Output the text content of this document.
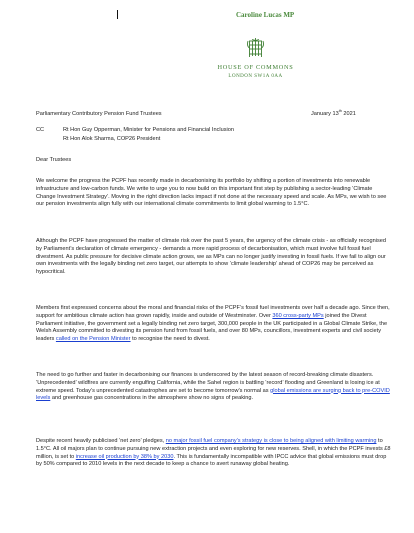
Caroline Lucas MP
HOUSE OF COMMONS
LONDON SW1A 0AA
Parliamentary Contributory Pension Fund Trustees	January 13th 2021
CC	Rt Hon Guy Opperman, Minister for Pensions and Financial Inclusion
Rt Hon Alok Sharma, COP26 President
Dear Trustees
We welcome the progress the PCPF has recently made in decarbonising its portfolio by shifting a portion of investments into renewable infrastructure and low-carbon funds. We write to urge you to now build on this important first step by publishing a sector-leading ‘Climate Change Investment Strategy’. Moving in the right direction lacks impact if not done at the necessary speed and scale. As MPs, we wish to see our pension investments align fully with our international climate commitments to limit global warming to 1.5°C.
Although the PCPF have progressed the matter of climate risk over the past 5 years, the urgency of the climate crisis - as officially recognised by Parliament’s declaration of climate emergency - demands a more rapid process of decarbonisation, which must involve full fossil fuel divestment. As public pressure for decisive climate action grows, we as MPs can no longer justify investing in fossil fuels. If we fail to align our own investments with the legally binding net zero target, our attempts to show ‘climate leadership’ ahead of COP26 may be perceived as hypocritical.
Members first expressed concerns about the moral and financial risks of the PCPF’s fossil fuel investments over half a decade ago. Since then, support for ambitious climate action has grown rapidly, inside and outside of Westminster. Over 360 cross-party MPs joined the Divest Parliament initiative, the government set a legally binding net zero target, 300,000 people in the UK participated in a Global Climate Strike, the Welsh Assembly committed to divesting its pension fund from fossil fuels, and over 80 MPs, councillors, investment experts and civil society leaders called on the Pension Minister to recognise the need to divest.
The need to go further and faster in decarbonising our finances is underscored by the latest season of record-breaking climate disasters. ‘Unprecedented’ wildfires are currently engulfing California, while the Sahel region is battling ‘record’ flooding and Greenland is losing ice at extreme speed. Today’s unprecedented catastrophes are set to become tomorrow’s normal as global emissions are surging back to pre-COVID levels and greenhouse gas concentrations in the atmosphere show no signs of peaking.
Despite recent heavily publicised ‘net zero’ pledges, no major fossil fuel company’s strategy is close to being aligned with limiting warming to 1.5°C. All oil majors plan to continue pursuing new extraction projects and even exploring for new reserves. Shell, in which the PCPF invests £8 million, is set to increase oil production by 38% by 2030. This is fundamentally incompatible with IPCC advice that global emissions must drop by 50% compared to 2010 levels in the next decade to keep a chance to avert runaway global heating.
